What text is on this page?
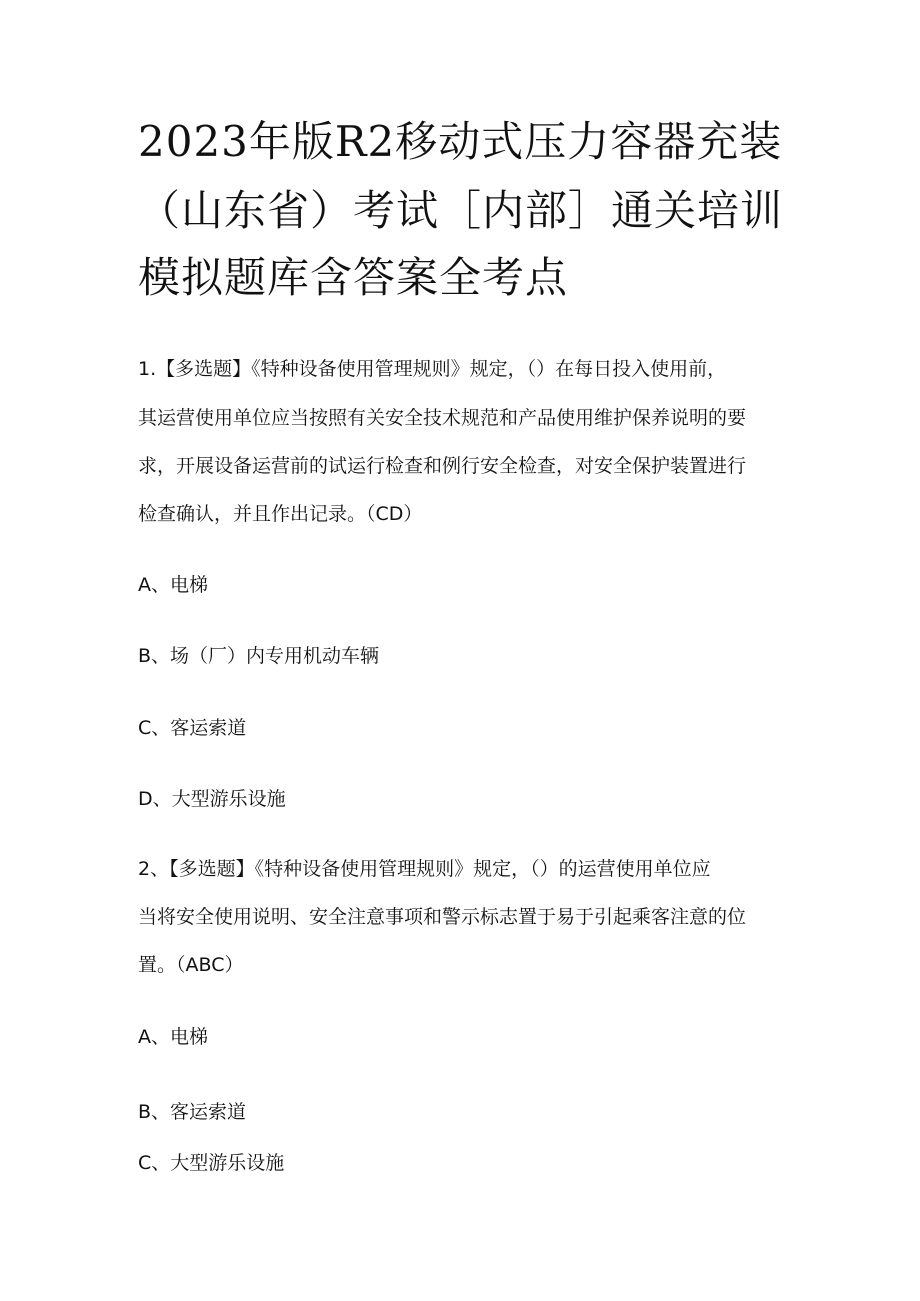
2023年版R2移动式压力容器充装
（山东省）考试［内部］通关培训
模拟题库含答案全考点
1.【多选题】《特种设备使用管理规则》规定，（）在每日投入使用前，
其运营使用单位应当按照有关安全技术规范和产品使用维护保养说明的要
求，开展设备运营前的试运行检查和例行安全检查，对安全保护装置进行
检查确认，并且作出记录。（CD）
A、电梯
B、场（厂）内专用机动车辆
C、客运索道
D、大型游乐设施
2、【多选题】《特种设备使用管理规则》规定，（）的运营使用单位应
当将安全使用说明、安全注意事项和警示标志置于易于引起乘客注意的位
置。（ABC）
A、电梯
B、客运索道
C、大型游乐设施
